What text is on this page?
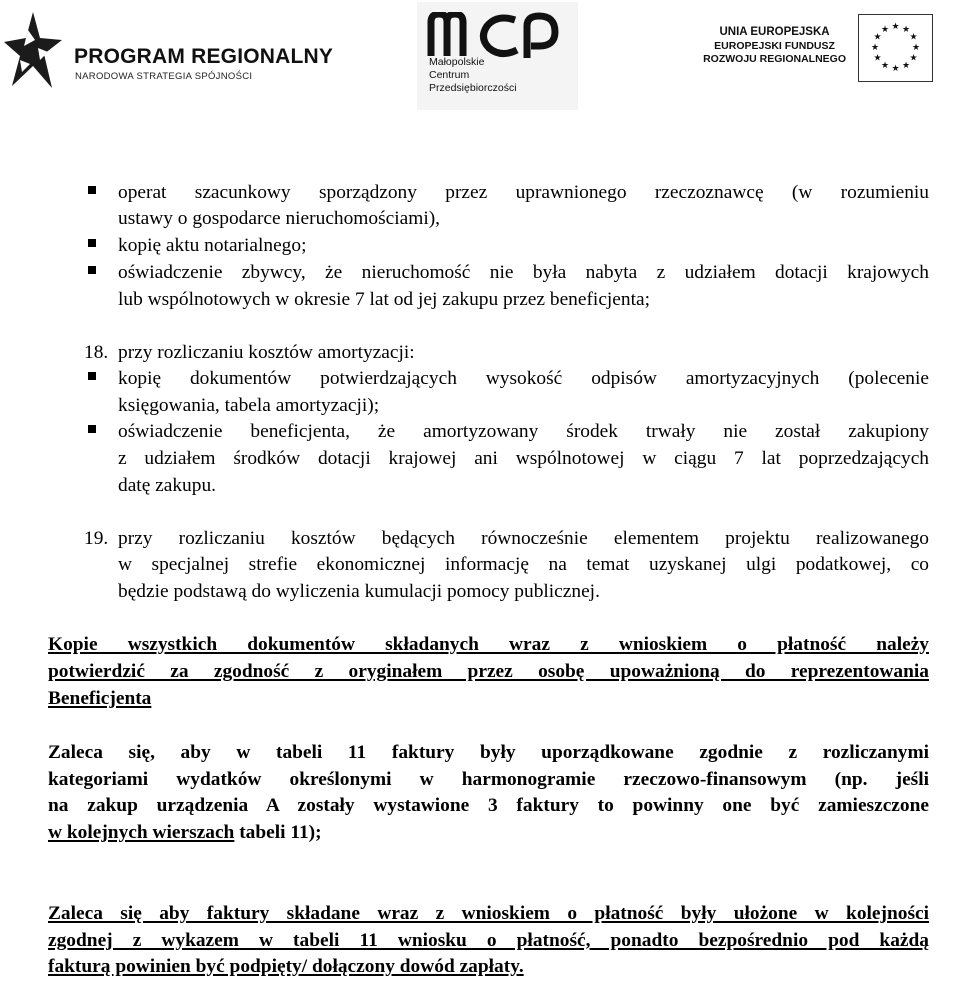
PROGRAM REGIONALNY
NARODOWA STRATEGIA SPÓJNOŚCI
Małopolskie
Centrum
Przedsiębiorczości
UNIA EUROPEJSKA
EUROPEJSKI FUNDUSZ
ROZWOJU REGIONALNEGO
★ ★
★
★
★
★
★
★
★
★
★
★
operat szacunkowy sporządzony przez uprawnionego rzeczoznawcę (w rozumieniu
ustawy o gospodarce nieruchomościami),
kopię aktu notarialnego;
oświadczenie zbywcy, że nieruchomość nie była nabyta z udziałem dotacji krajowych
lub wspólnotowych w okresie 7 lat od jej zakupu przez beneficjenta;
18. przy rozliczaniu kosztów amortyzacji:
kopię dokumentów potwierdzających wysokość odpisów amortyzacyjnych (polecenie
księgowania, tabela amortyzacji);
oświadczenie beneficjenta, że amortyzowany środek trwały nie został zakupiony
z udziałem środków dotacji krajowej ani wspólnotowej w ciągu 7 lat poprzedzających
datę zakupu.
19. przy rozliczaniu kosztów będących równocześnie elementem projektu realizowanego
w specjalnej strefie ekonomicznej informację na temat uzyskanej ulgi podatkowej, co
będzie podstawą do wyliczenia kumulacji pomocy publicznej.
Kopie wszystkich dokumentów składanych wraz z wnioskiem o płatność należy
potwierdzić za zgodność z oryginałem przez osobę upoważnioną do reprezentowania
Beneficjenta
Zaleca się, aby w tabeli 11 faktury były uporządkowane zgodnie z rozliczanymi
kategoriami wydatków określonymi w harmonogramie rzeczowo-finansowym (np. jeśli
na zakup urządzenia A zostały wystawione 3 faktury to powinny one być zamieszczone
w kolejnych wierszach tabeli 11);
Zaleca się aby faktury składane wraz z wnioskiem o płatność były ułożone w kolejności
zgodnej z wykazem w tabeli 11 wniosku o płatność, ponadto bezpośrednio pod każdą
fakturą powinien być podpięty/ dołączony dowód zapłaty.
